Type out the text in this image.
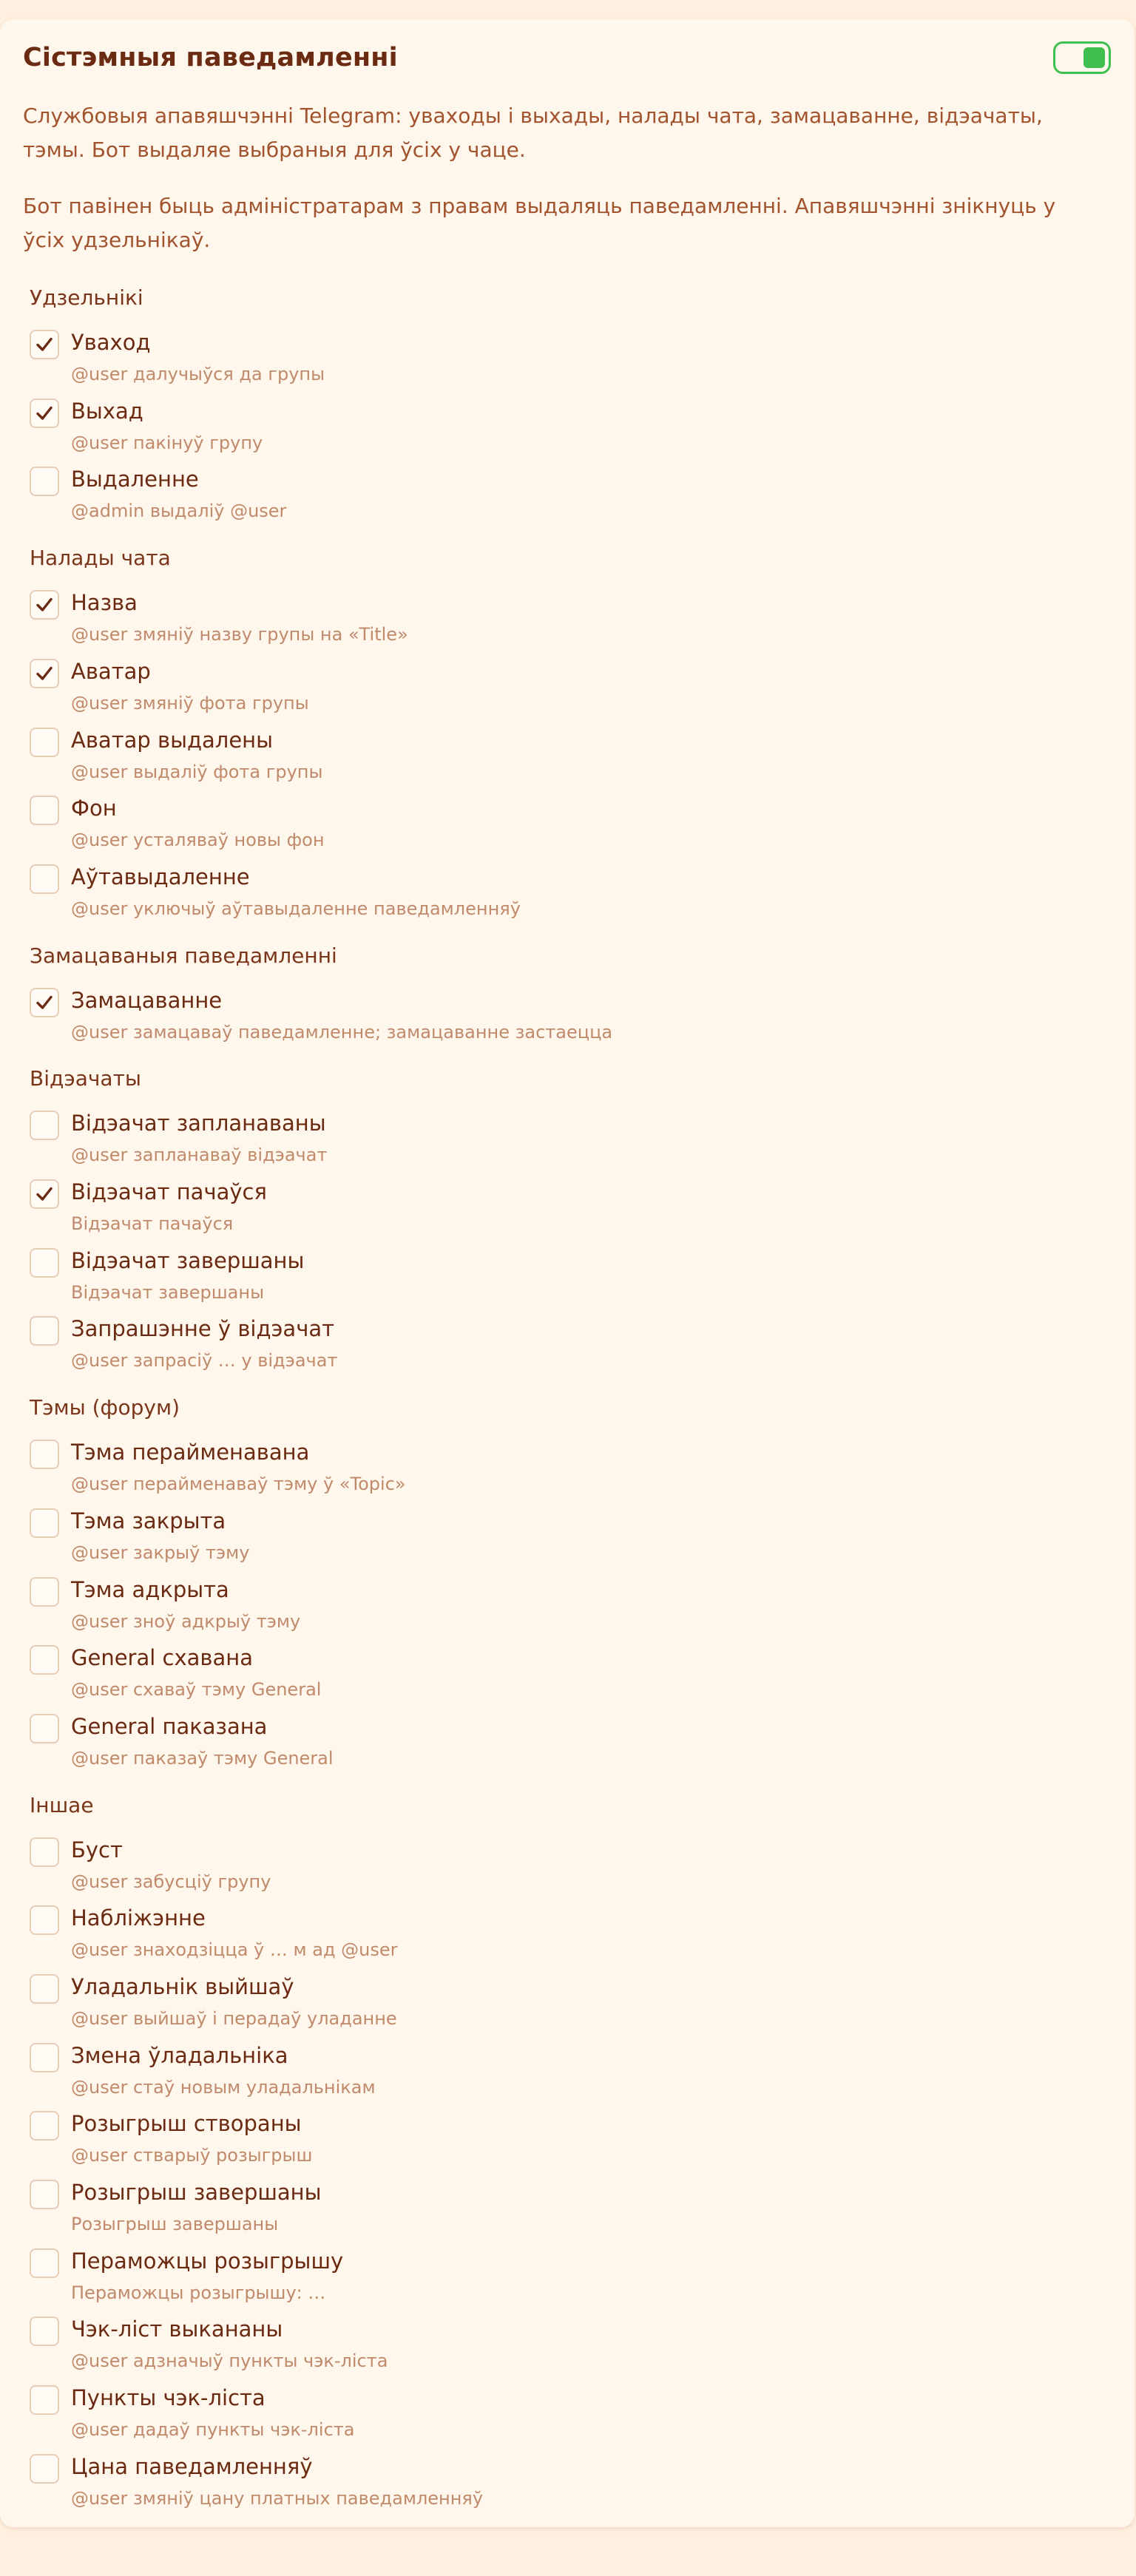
Сістэмныя паведамленні
Службовыя апавяшчэнні Telegram: уваходы і выхады, налады чата, замацаванне, відэачаты, тэмы. Бот выдаляе выбраныя для ўсіх у чаце.
Бот павінен быць адміністратарам з правам выдаляць паведамленні. Апавяшчэнні знікнуць у ўсіх удзельнікаў.
Удзельнікі
Уваход
@user далучыўся да групы
Выхад
@user пакінуў групу
Выдаленне
@admin выдаліў @user
Налады чата
Назва
@user змяніў назву групы на «Title»
Аватар
@user змяніў фота групы
Аватар выдалены
@user выдаліў фота групы
Фон
@user усталяваў новы фон
Аўтавыдаленне
@user уключыў аўтавыдаленне паведамленняў
Замацаваныя паведамленні
Замацаванне
@user замацаваў паведамленне; замацаванне застаецца
Відэачаты
Відэачат запланаваны
@user запланаваў відэачат
Відэачат пачаўся
Відэачат пачаўся
Відэачат завершаны
Відэачат завершаны
Запрашэнне ў відэачат
@user запрасіў … у відэачат
Тэмы (форум)
Тэма перайменавана
@user перайменаваў тэму ў «Topic»
Тэма закрыта
@user закрыў тэму
Тэма адкрыта
@user зноў адкрыў тэму
General схавана
@user схаваў тэму General
General паказана
@user паказаў тэму General
Іншае
Буст
@user забусціў групу
Набліжэнне
@user знаходзіцца ў … м ад @user
Уладальнік выйшаў
@user выйшаў і перадаў уладанне
Змена ўладальніка
@user стаў новым уладальнікам
Розыгрыш створаны
@user стварыў розыгрыш
Розыгрыш завершаны
Розыгрыш завершаны
Пераможцы розыгрышу
Пераможцы розыгрышу: …
Чэк-ліст выкананы
@user адзначыў пункты чэк-ліста
Пункты чэк-ліста
@user дадаў пункты чэк-ліста
Цана паведамленняў
@user змяніў цану платных паведамленняў
